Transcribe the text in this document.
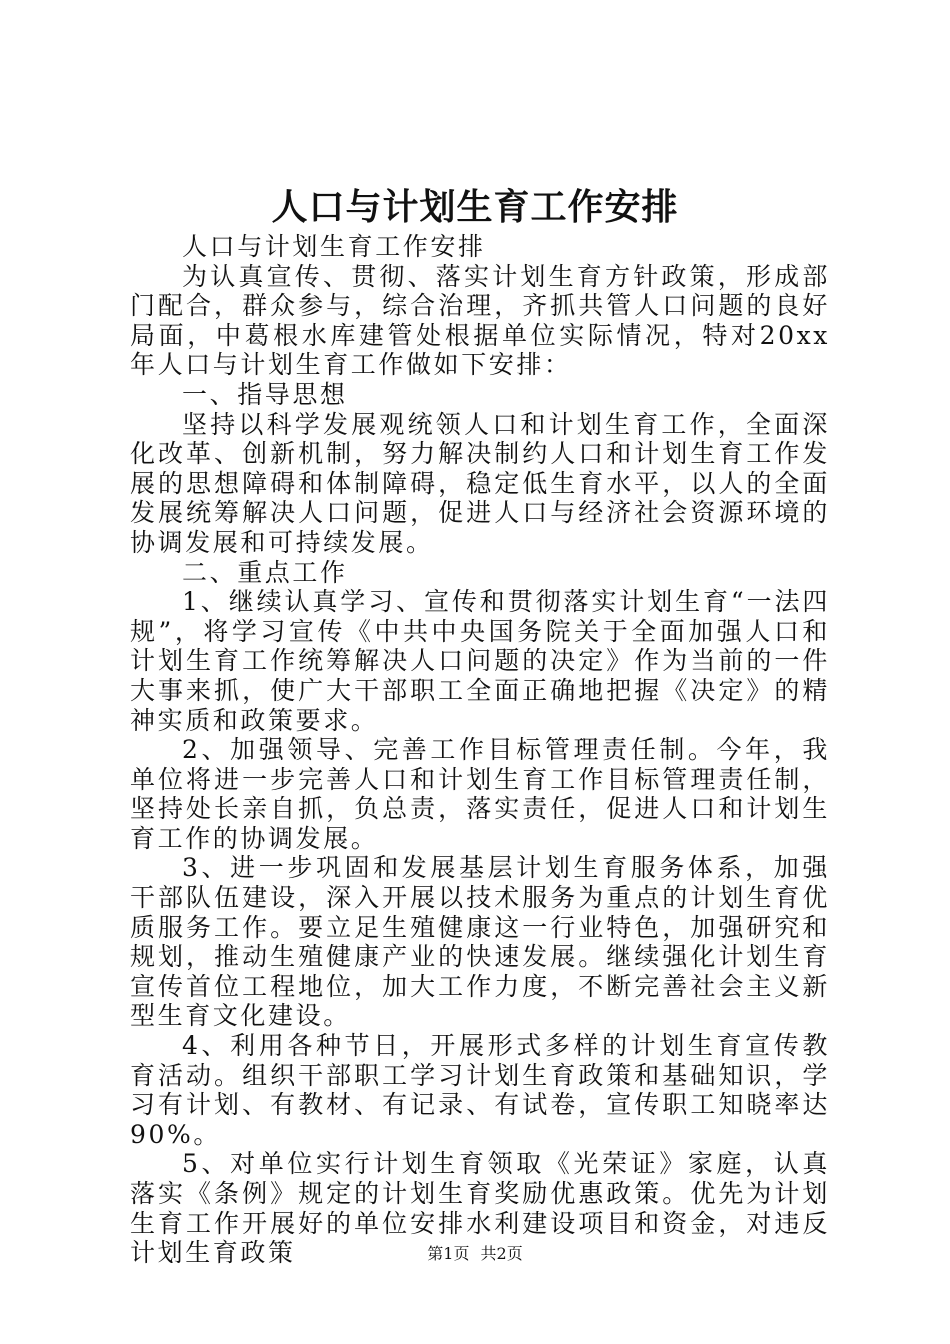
人口与计划生育工作安排

人口与计划生育工作安排

为认真宣传、贯彻、落实计划生育方针政策，形成部门配合，群众参与，综合治理，齐抓共管人口问题的良好局面，中葛根水库建管处根据单位实际情况，特对20xx年人口与计划生育工作做如下安排：

一、指导思想

坚持以科学发展观统领人口和计划生育工作，全面深化改革、创新机制，努力解决制约人口和计划生育工作发展的思想障碍和体制障碍，稳定低生育水平，以人的全面发展统筹解决人口问题，促进人口与经济社会资源环境的协调发展和可持续发展。

二、重点工作

1、继续认真学习、宣传和贯彻落实计划生育“一法四规”，将学习宣传《中共中央国务院关于全面加强人口和计划生育工作统筹解决人口问题的决定》作为当前的一件大事来抓，使广大干部职工全面正确地把握《决定》的精神实质和政策要求。

2、加强领导、完善工作目标管理责任制。今年，我单位将进一步完善人口和计划生育工作目标管理责任制，坚持处长亲自抓，负总责，落实责任，促进人口和计划生育工作的协调发展。

3、进一步巩固和发展基层计划生育服务体系，加强干部队伍建设，深入开展以技术服务为重点的计划生育优质服务工作。要立足生殖健康这一行业特色，加强研究和规划，推动生殖健康产业的快速发展。继续强化计划生育宣传首位工程地位，加大工作力度，不断完善社会主义新型生育文化建设。

4、利用各种节日，开展形式多样的计划生育宣传教育活动。组织干部职工学习计划生育政策和基础知识，学习有计划、有教材、有记录、有试卷，宣传职工知晓率达90%。

5、对单位实行计划生育领取《光荣证》家庭，认真落实《条例》规定的计划生育奖励优惠政策。优先为计划生育工作开展好的单位安排水利建设项目和资金，对违反计划生育政策	第1页 共2页
